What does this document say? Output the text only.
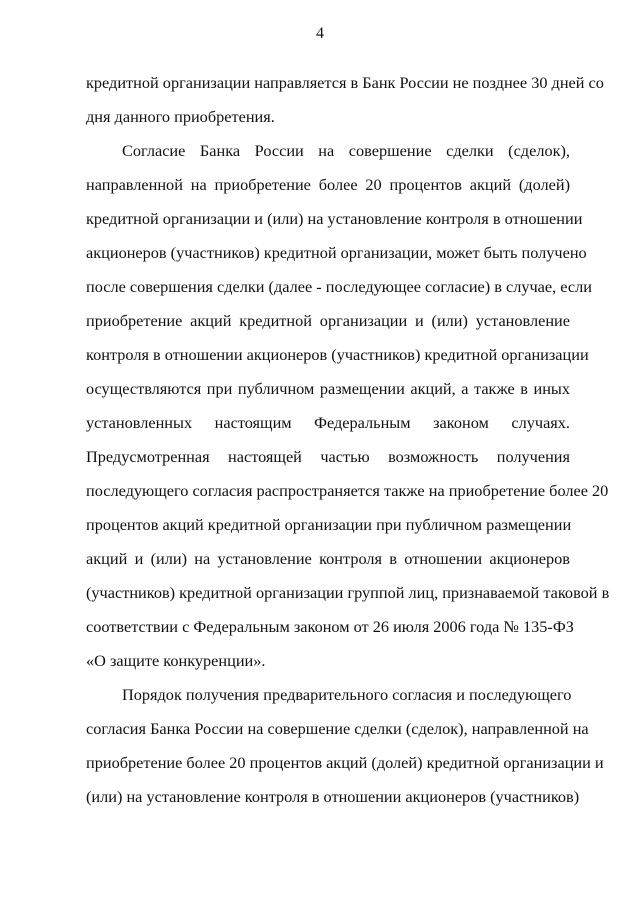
4
кредитной организации направляется в Банк России не позднее 30 дней со
дня данного приобретения.
Согласие Банка России на совершение сделки (сделок),
направленной на приобретение более 20 процентов акций (долей)
кредитной организации и (или) на установление контроля в отношении
акционеров (участников) кредитной организации, может быть получено
после совершения сделки (далее - последующее согласие) в случае, если
приобретение акций кредитной организации и (или) установление
контроля в отношении акционеров (участников) кредитной организации
осуществляются при публичном размещении акций, а также в иных
установленных настоящим Федеральным законом случаях.
Предусмотренная настоящей частью возможность получения
последующего согласия распространяется также на приобретение более 20
процентов акций кредитной организации при публичном размещении
акций и (или) на установление контроля в отношении акционеров
(участников) кредитной организации группой лиц, признаваемой таковой в
соответствии с Федеральным законом от 26 июля 2006 года № 135-ФЗ
«О защите конкуренции».
Порядок получения предварительного согласия и последующего
согласия Банка России на совершение сделки (сделок), направленной на
приобретение более 20 процентов акций (долей) кредитной организации и
(или) на установление контроля в отношении акционеров (участников)
